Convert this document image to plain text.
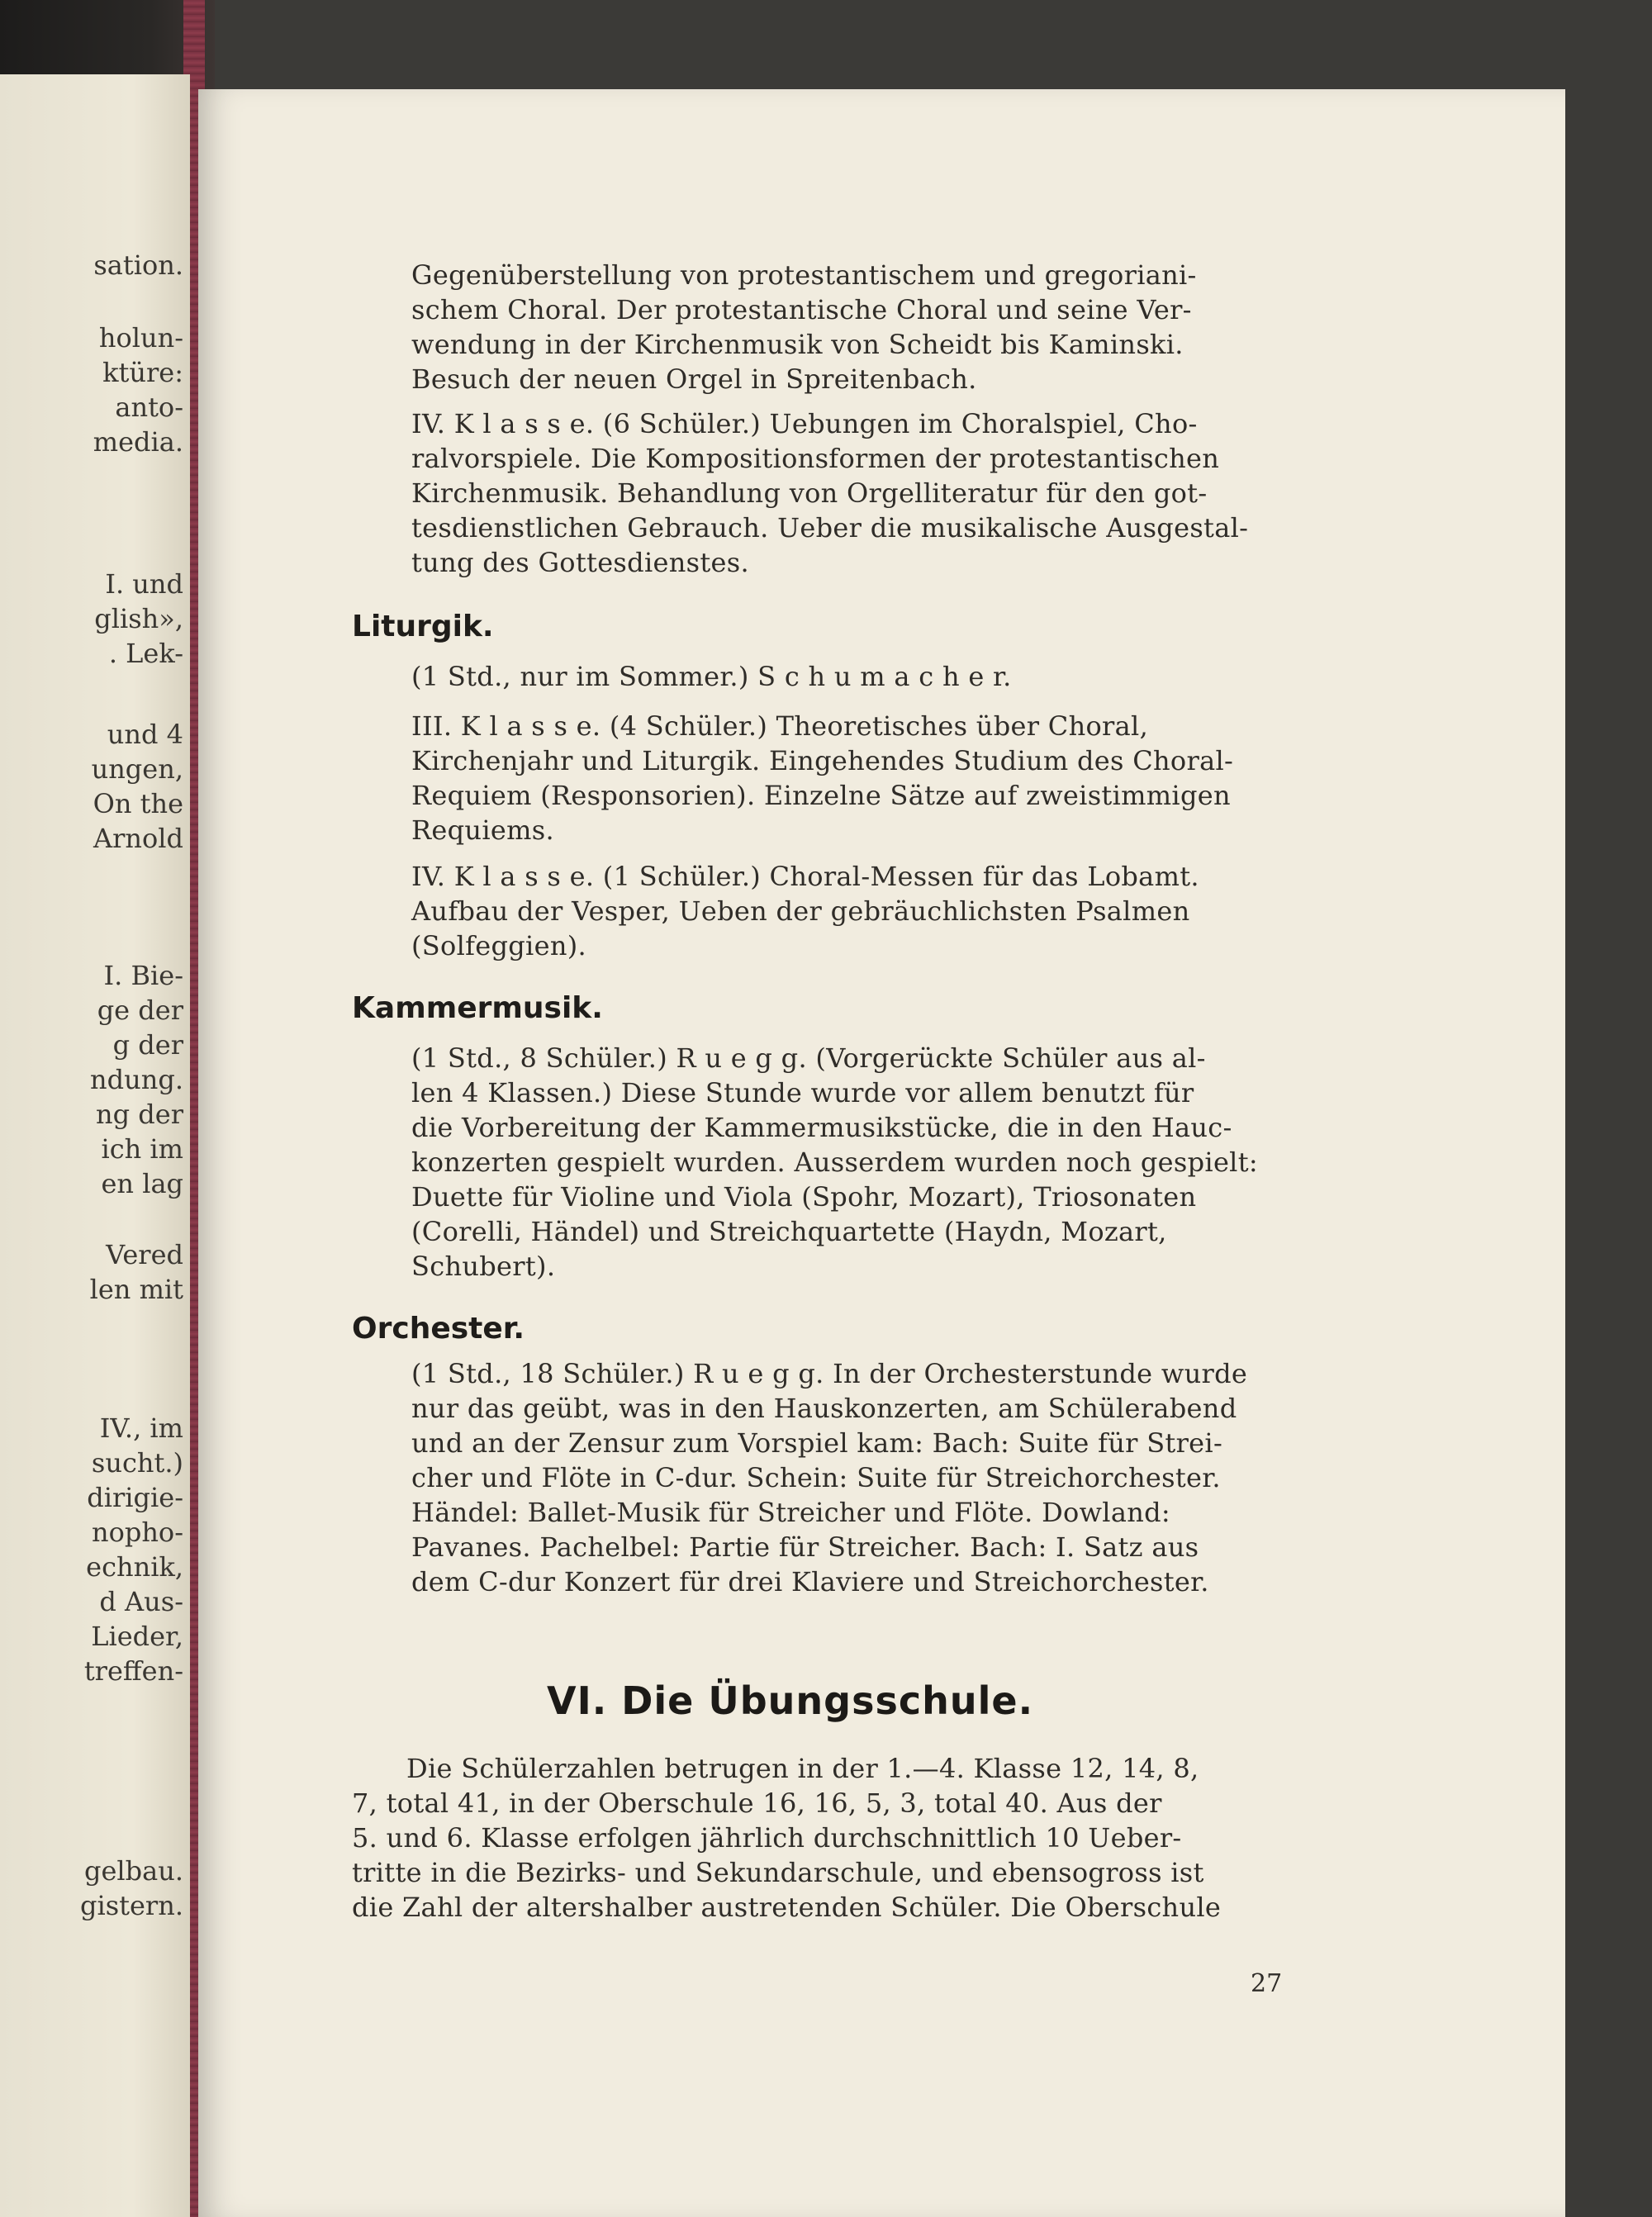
sation.

holun-

ktüre:

anto-

media.

I. und

glish»,

. Lek-

und 4

ungen,

On the

Arnold

I. Bie-

ge der

g der

ndung.

ng der

ich im

en lag

Vered

len mit

IV., im

sucht.)

dirigie-

nopho-

echnik,

d Aus-

Lieder,

treffen-

gelbau.

gistern.

Gegenüberstellung von protestantischem und gregoriani-

schem Choral. Der protestantische Choral und seine Ver-

wendung in der Kirchenmusik von Scheidt bis Kaminski.

Besuch der neuen Orgel in Spreitenbach.

IV. K l a s s e. (6 Schüler.) Uebungen im Choralspiel, Cho-

ralvorspiele. Die Kompositionsformen der protestantischen

Kirchenmusik. Behandlung von Orgelliteratur für den got-

tesdienstlichen Gebrauch. Ueber die musikalische Ausgestal-

tung des Gottesdienstes.

Liturgik.

(1 Std., nur im Sommer.) S c h u m a c h e r.

III. K l a s s e. (4 Schüler.) Theoretisches über Choral,

Kirchenjahr und Liturgik. Eingehendes Studium des Choral-

Requiem (Responsorien). Einzelne Sätze auf zweistimmigen

Requiems.

IV. K l a s s e. (1 Schüler.) Choral-Messen für das Lobamt.

Aufbau der Vesper, Ueben der gebräuchlichsten Psalmen

(Solfeggien).

Kammermusik.

(1 Std., 8 Schüler.) R u e g g. (Vorgerückte Schüler aus al-

len 4 Klassen.) Diese Stunde wurde vor allem benutzt für

die Vorbereitung der Kammermusikstücke, die in den Hauc-

konzerten gespielt wurden. Ausserdem wurden noch gespielt:

Duette für Violine und Viola (Spohr, Mozart), Triosonaten

(Corelli, Händel) und Streichquartette (Haydn, Mozart,

Schubert).

Orchester.

(1 Std., 18 Schüler.) R u e g g. In der Orchesterstunde wurde

nur das geübt, was in den Hauskonzerten, am Schülerabend

und an der Zensur zum Vorspiel kam: Bach: Suite für Strei-

cher und Flöte in C-dur. Schein: Suite für Streichorchester.

Händel: Ballet-Musik für Streicher und Flöte. Dowland:

Pavanes. Pachelbel: Partie für Streicher. Bach: I. Satz aus

dem C-dur Konzert für drei Klaviere und Streichorchester.

VI. Die Übungsschule.

Die Schülerzahlen betrugen in der 1.—4. Klasse 12, 14, 8,

7, total 41, in der Oberschule 16, 16, 5, 3, total 40. Aus der

5. und 6. Klasse erfolgen jährlich durchschnittlich 10 Ueber-

tritte in die Bezirks- und Sekundarschule, und ebensogross ist

die Zahl der altershalber austretenden Schüler. Die Oberschule

27
